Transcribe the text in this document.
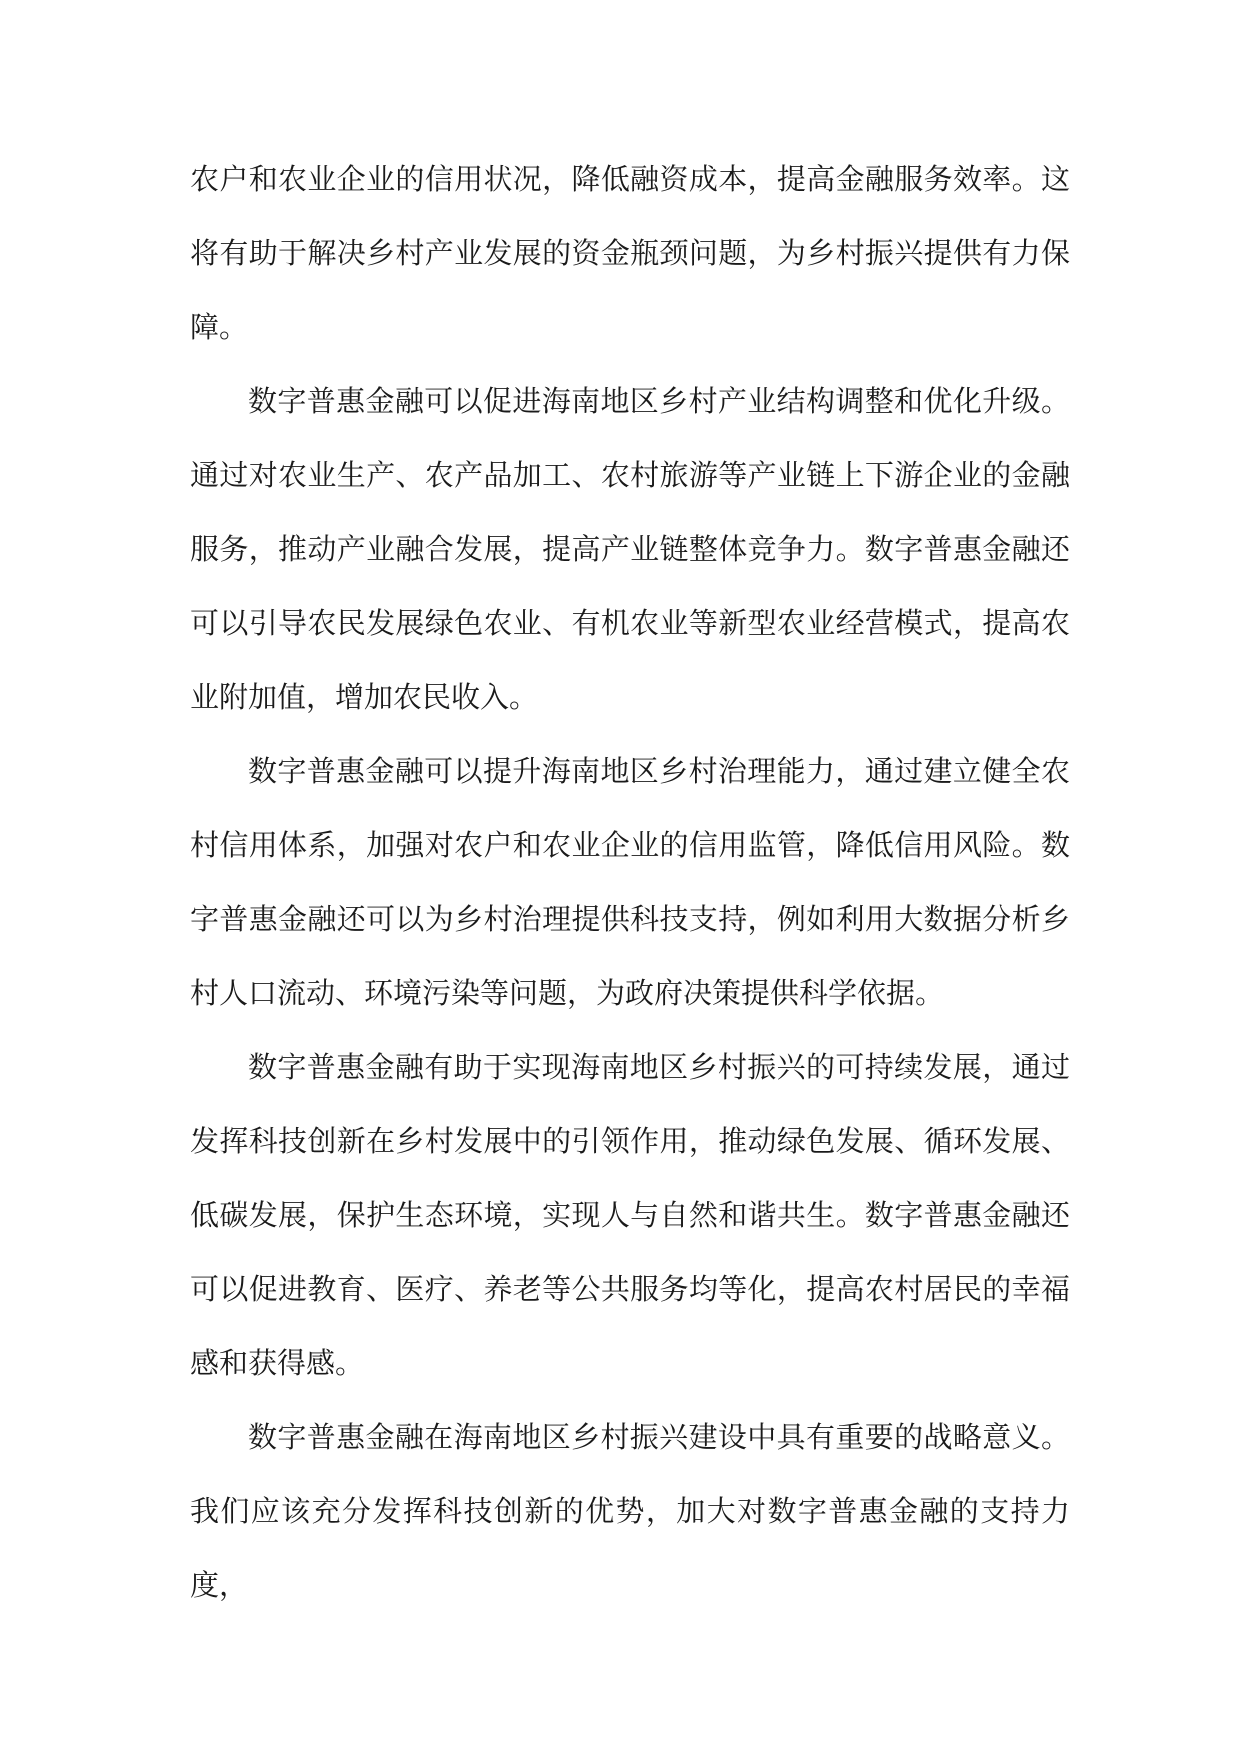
农户和农业企业的信用状况，降低融资成本，提高金融服务效率。这将有助于解决乡村产业发展的资金瓶颈问题，为乡村振兴提供有力保障。

数字普惠金融可以促进海南地区乡村产业结构调整和优化升级。通过对农业生产、农产品加工、农村旅游等产业链上下游企业的金融服务，推动产业融合发展，提高产业链整体竞争力。数字普惠金融还可以引导农民发展绿色农业、有机农业等新型农业经营模式，提高农业附加值，增加农民收入。

数字普惠金融可以提升海南地区乡村治理能力，通过建立健全农村信用体系，加强对农户和农业企业的信用监管，降低信用风险。数字普惠金融还可以为乡村治理提供科技支持，例如利用大数据分析乡村人口流动、环境污染等问题，为政府决策提供科学依据。

数字普惠金融有助于实现海南地区乡村振兴的可持续发展，通过发挥科技创新在乡村发展中的引领作用，推动绿色发展、循环发展、低碳发展，保护生态环境，实现人与自然和谐共生。数字普惠金融还可以促进教育、医疗、养老等公共服务均等化，提高农村居民的幸福感和获得感。

数字普惠金融在海南地区乡村振兴建设中具有重要的战略意义。我们应该充分发挥科技创新的优势，加大对数字普惠金融的支持力度，
